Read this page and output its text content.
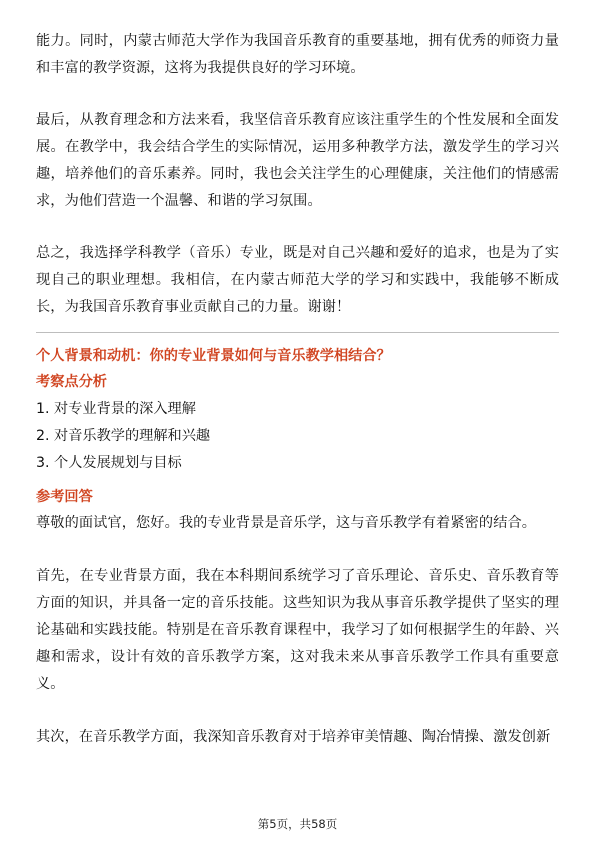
能力。同时，内蒙古师范大学作为我国音乐教育的重要基地，拥有优秀的师资力量和丰富的教学资源，这将为我提供良好的学习环境。

最后，从教育理念和方法来看，我坚信音乐教育应该注重学生的个性发展和全面发展。在教学中，我会结合学生的实际情况，运用多种教学方法，激发学生的学习兴趣，培养他们的音乐素养。同时，我也会关注学生的心理健康，关注他们的情感需求，为他们营造一个温馨、和谐的学习氛围。

总之，我选择学科教学（音乐）专业，既是对自己兴趣和爱好的追求，也是为了实现自己的职业理想。我相信，在内蒙古师范大学的学习和实践中，我能够不断成长，为我国音乐教育事业贡献自己的力量。谢谢！

个人背景和动机：你的专业背景如何与音乐教学相结合？
考察点分析
1. 对专业背景的深入理解
2. 对音乐教学的理解和兴趣
3. 个人发展规划与目标
参考回答

尊敬的面试官，您好。我的专业背景是音乐学，这与音乐教学有着紧密的结合。

首先，在专业背景方面，我在本科期间系统学习了音乐理论、音乐史、音乐教育等方面的知识，并具备一定的音乐技能。这些知识为我从事音乐教学提供了坚实的理论基础和实践技能。特别是在音乐教育课程中，我学习了如何根据学生的年龄、兴趣和需求，设计有效的音乐教学方案，这对我未来从事音乐教学工作具有重要意义。

其次，在音乐教学方面，我深知音乐教育对于培养审美情趣、陶冶情操、激发创新

第5页，共58页
